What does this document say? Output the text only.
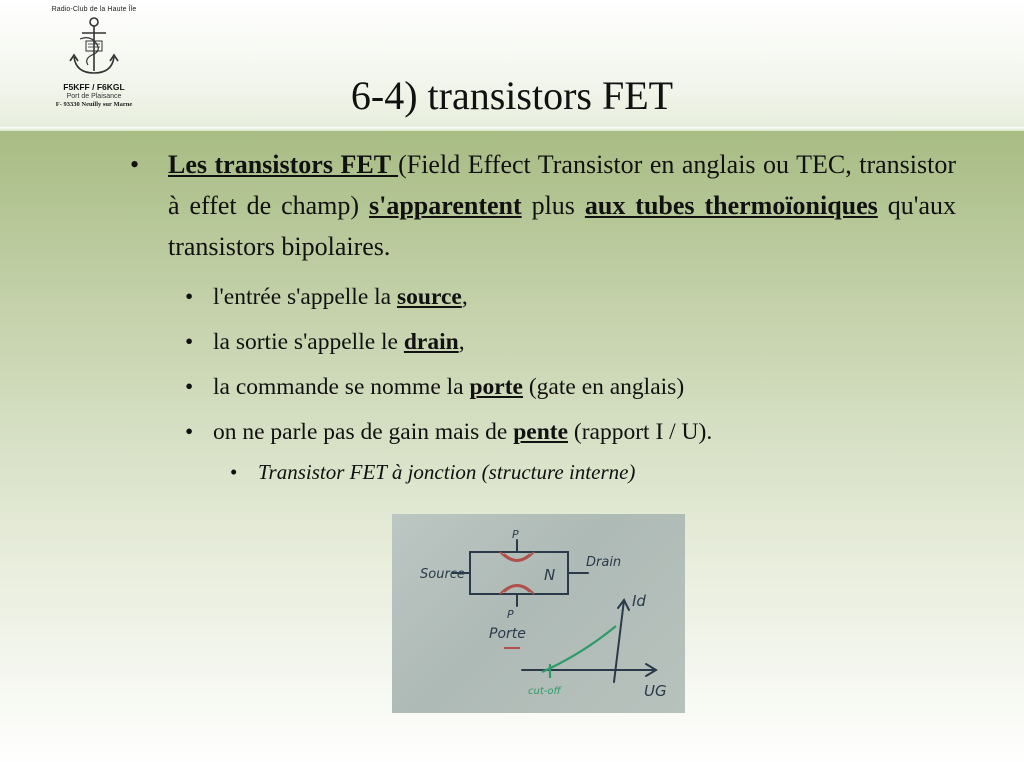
Radio-Club de la Haute Île
F5KFF / F6KGL
Port de Plaisance
F- 93330 Neuilly sur Marne	6-4) transistors FET
• Les transistors FET (Field Effect Transistor en anglais ou TEC, transistor à effet de champ) s'apparentent plus aux tubes thermoïoniques qu'aux transistors bipolaires.
• l'entrée s'appelle la source,
• la sortie s'appelle le drain,
• la commande se nomme la porte (gate en anglais)
• on ne parle pas de gain mais de pente (rapport I / U).
• Transistor FET à jonction (structure interne)
Source
Drain
N
P
P
Porte
Id
UG
cut-off
